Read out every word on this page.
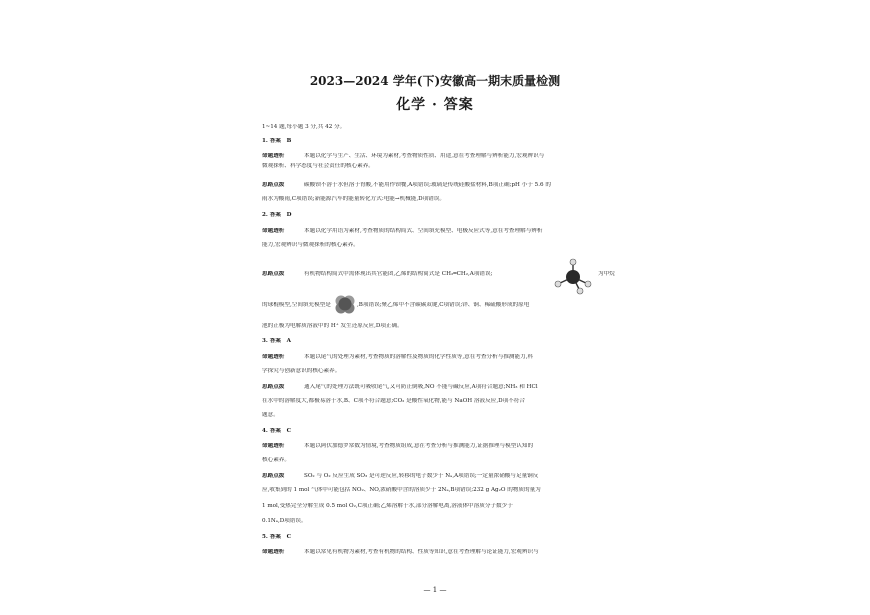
2023—2024 学年(下)安徽高一期末质量检测
化学 · 答案
1~14 题,每小题 3 分,共 42 分。
1. 答案　B
命题透析	本题以化学与生产、生活、环境为素材,考查物质性质、用途,意在考查理解与辨析能力,宏观辨识与
微观探析、科学态度与社会责任的核心素养。
思路点拨	碳酸钡不溶于水但溶于胃酸,不能用作钡餐,A项错误;玻璃是传统硅酸盐材料,B项正确;pH 小于 5.6 的
雨水为酸雨,C项错误;新能源汽车的能量转化方式:电能→机械能,D项错误。
2. 答案　D
命题透析	本题以化学用语为素材,考查物质的结构简式、空间填充模型、电极反应式等,意在考查理解与辨析
能力,宏观辨识与微观探析的核心素养。
思路点拨	有机物结构简式中需体现出其官能团,乙烯的结构简式是 CH₂═CH₂,A项错误;	为甲烷
的球棍模型,空间填充模型是	,B项错误;聚乙烯中不含碳碳双键,C项错误;锌、铜、稀硫酸形成的原电
池的正极为电解质溶液中的 H⁺ 发生还原反应,D项正确。
3. 答案　A
命题透析	本题以尾气的处理为素材,考查物质的溶解性及物质的化学性质等,意在考查分析与推测能力,科
学探究与创新意识的核心素养。
思路点拨	通入尾气的处理方法既可吸收尾气,又可防止倒吸,NO 不能与碱反应,A项符合题意;NH₃ 和 HCl
在水中的溶解度大,都极易溶于水,B、C项不符合题意;CO₂ 是酸性氧化物,能与 NaOH 溶液反应,D项不符合
题意。
4. 答案　C
命题透析	本题以阿伏加德罗常数为情境,考查物质组成,意在考查分析与推测能力,证据推理与模型认知的
核心素养。
思路点拨	SO₂ 与 O₂ 反应生成 SO₃ 是可逆反应,转移的电子数少于 Nₐ,A项错误;一定量浓硝酸与足量铜反
应,收集到的 1 mol 气体中可能包括 NO₂、NO,浓硝酸中含的溶质少于 2Nₐ,B项错误;232 g Ag₂O 的物质的量为
1 mol,受热完全分解生成 0.5 mol O₂,C项正确;乙烯溶解于水,部分溶解电离,溶液体中溶质分子数少于
0.1Nₐ,D项错误。
5. 答案　C
命题透析	本题以常见有机物为素材,考查有机物的结构、性质等知识,意在考查理解与论证能力,宏观辨识与
— 1 —
